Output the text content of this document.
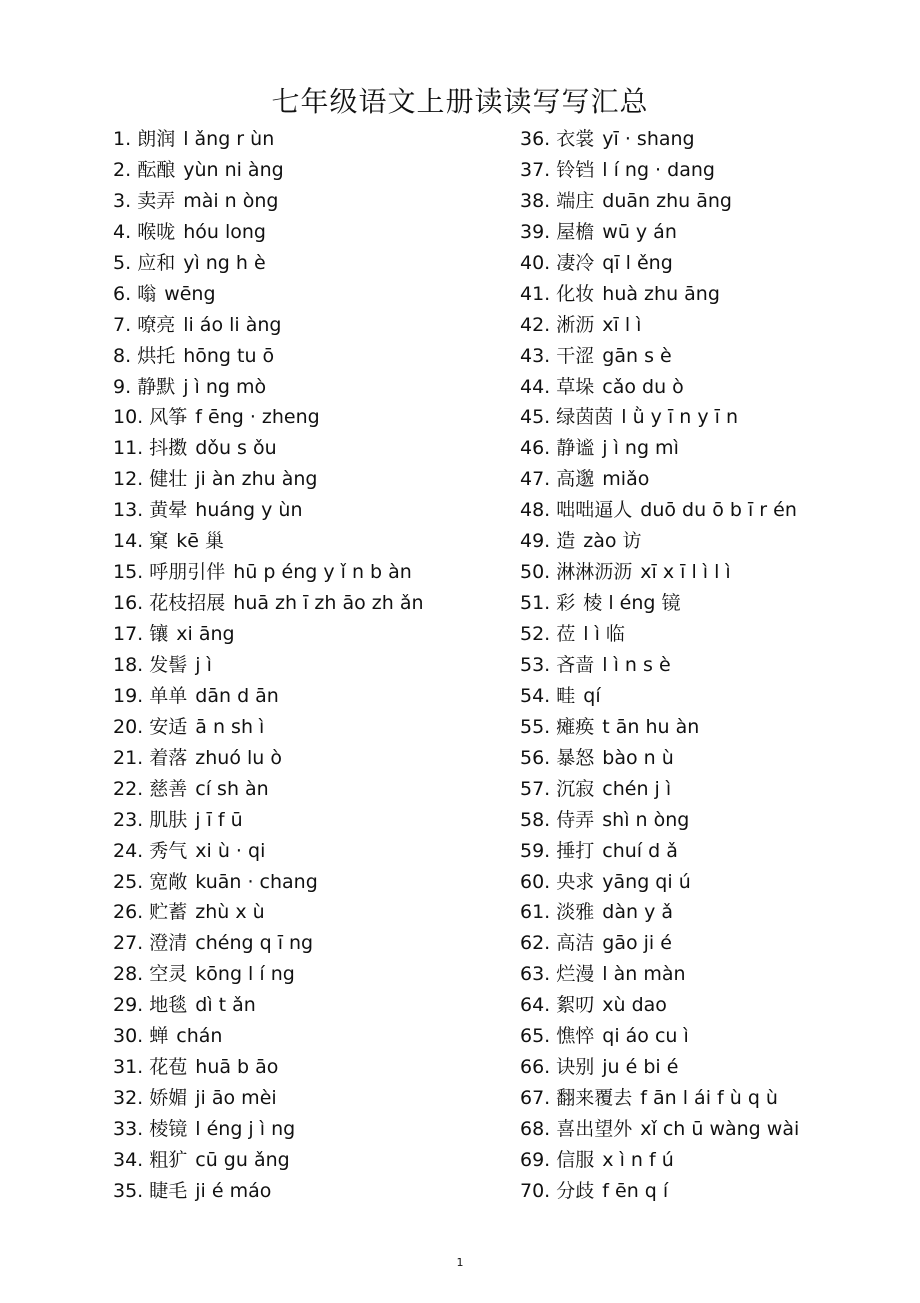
七年级语文上册读读写写汇总
1. 朗润 l ǎng r ùn
2. 酝酿 yùn ni àng
3. 卖弄 mài n òng
4. 喉咙 hóu long
5. 应和 yì ng h è
6. 嗡 wēng
7. 嘹亮 li áo li àng
8. 烘托 hōng tu ō
9. 静默 j ì ng mò
10. 风筝 f ēng · zheng
11. 抖擞 dǒu s ǒu
12. 健壮 ji àn zhu àng
13. 黄晕 huáng y ùn
14. 窠 kē 巢
15. 呼朋引伴 hū p éng y ǐ n b àn
16. 花枝招展 huā zh ī zh āo zh ǎn
17. 镶 xi āng
18. 发髻 j ì
19. 单单 dān d ān
20. 安适 ā n sh ì
21. 着落 zhuó lu ò
22. 慈善 cí sh àn
23. 肌肤 j ī f ū
24. 秀气 xi ù · qi
25. 宽敞 kuān · chang
26. 贮蓄 zhù x ù
27. 澄清 chéng q ī ng
28. 空灵 kōng l í ng
29. 地毯 dì t ǎn
30. 蝉 chán
31. 花苞 huā b āo
32. 娇媚 ji āo mèi
33. 棱镜 l éng j ì ng
34. 粗犷 cū gu ǎng
35. 睫毛 ji é máo
36. 衣裳 yī · shang
37. 铃铛 l í ng · dang
38. 端庄 duān zhu āng
39. 屋檐 wū y án
40. 凄冷 qī l ěng
41. 化妆 huà zhu āng
42. 淅沥 xī l ì
43. 干涩 gān s è
44. 草垛 cǎo du ò
45. 绿茵茵 l ǜ y ī n y ī n
46. 静谧 j ì ng mì
47. 高邈 miǎo
48. 咄咄逼人 duō du ō b ī r én
49. 造 zào 访
50. 淋淋沥沥 xī x ī l ì l ì
51. 彩 棱 l éng 镜
52. 莅 l ì 临
53. 吝啬 l ì n s è
54. 畦 qí
55. 瘫痪 t ān hu àn
56. 暴怒 bào n ù
57. 沉寂 chén j ì
58. 侍弄 shì n òng
59. 捶打 chuí d ǎ
60. 央求 yāng qi ú
61. 淡雅 dàn y ǎ
62. 高洁 gāo ji é
63. 烂漫 l àn màn
64. 絮叨 xù dao
65. 憔悴 qi áo cu ì
66. 诀别 ju é bi é
67. 翻来覆去 f ān l ái f ù q ù
68. 喜出望外 xǐ ch ū wàng wài
69. 信服 x ì n f ú
70. 分歧 f ēn q í
1
